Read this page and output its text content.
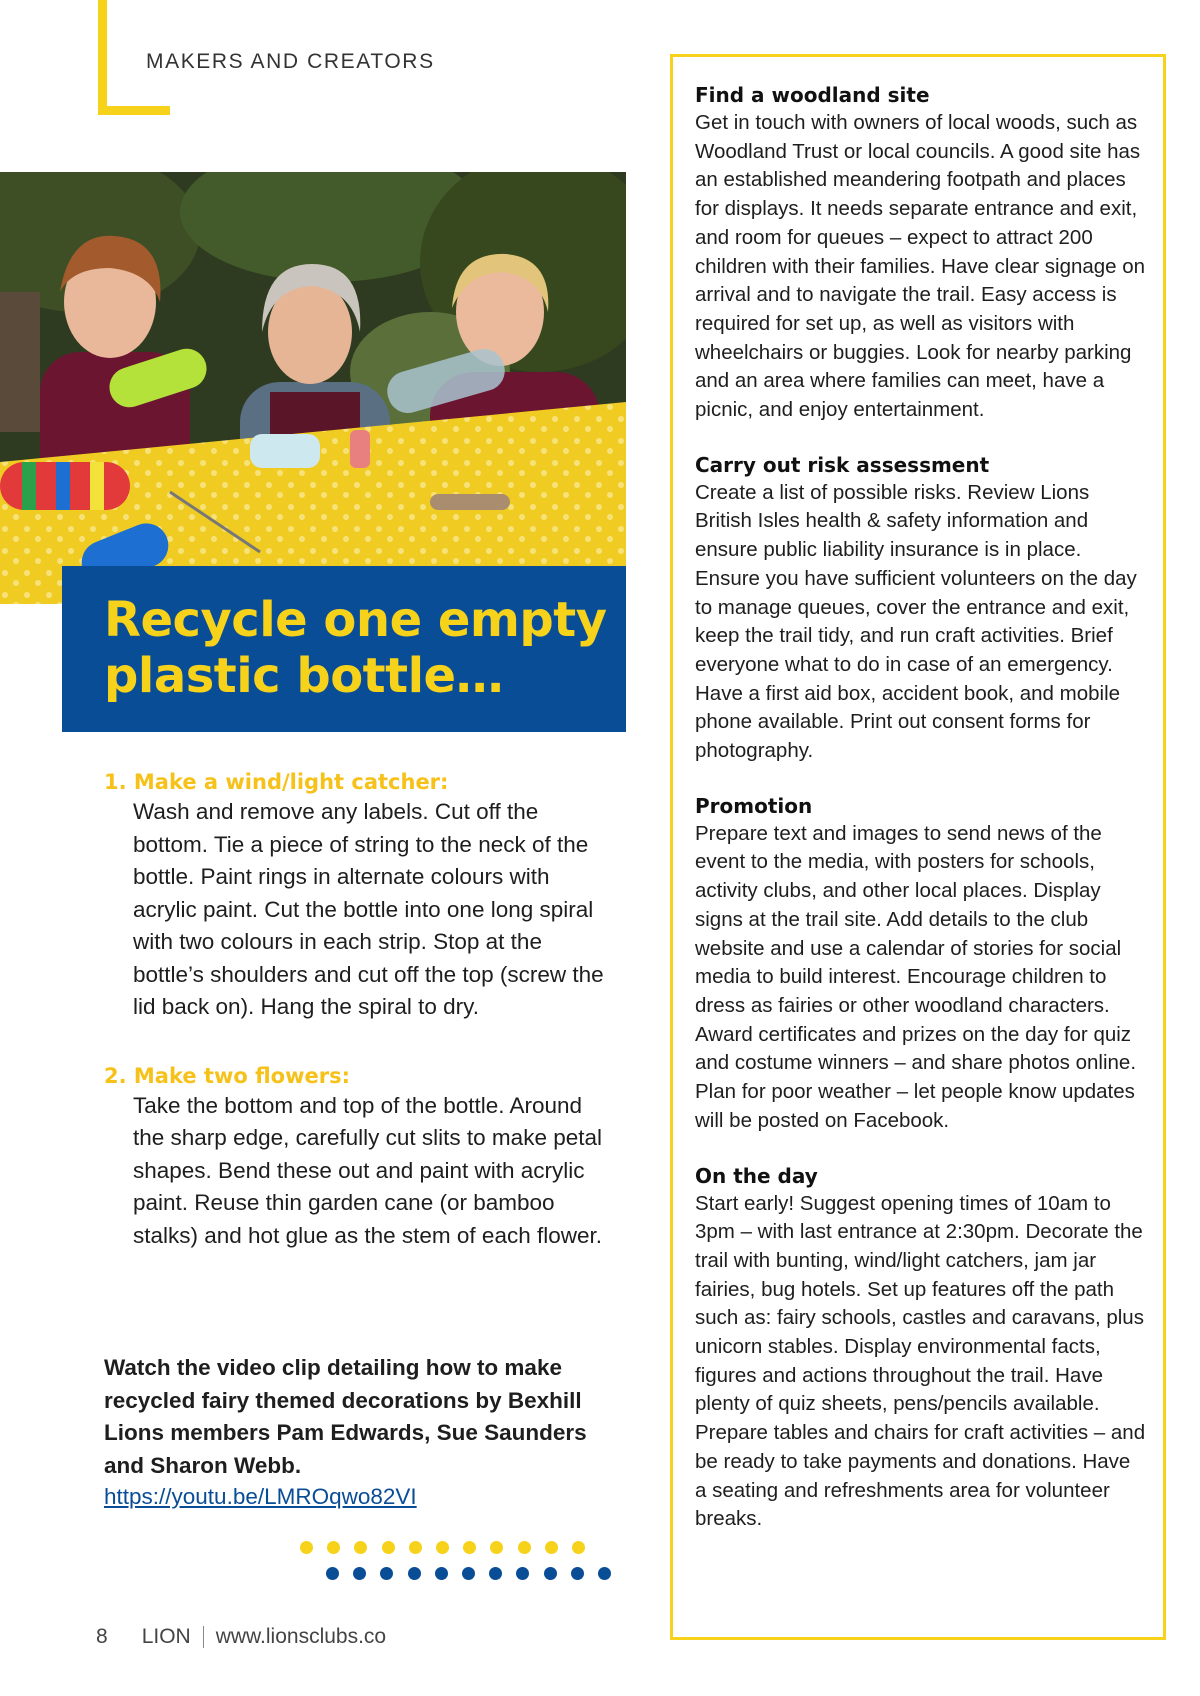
MAKERS AND CREATORS
Recycle one empty
plastic bottle…
1. Make a wind/light catcher:
Wash and remove any labels. Cut off the bottom. Tie a piece of string to the neck of the bottle. Paint rings in alternate colours with acrylic paint. Cut the bottle into one long spiral with two colours in each strip. Stop at the bottle’s shoulders and cut off the top (screw the lid back on). Hang the spiral to dry.
2. Make two flowers:
Take the bottom and top of the bottle. Around the sharp edge, carefully cut slits to make petal shapes. Bend these out and paint with acrylic paint. Reuse thin garden cane (or bamboo stalks) and hot glue as the stem of each flower.
Watch the video clip detailing how to make recycled fairy themed decorations by Bexhill Lions members Pam Edwards, Sue Saunders and Sharon Webb.
https://youtu.be/LMROqwo82VI
8 LION www.lionsclubs.co
Find a woodland site
Get in touch with owners of local woods, such as Woodland Trust or local councils. A good site has an established meandering footpath and places for displays. It needs separate entrance and exit, and room for queues – expect to attract 200 children with their families. Have clear signage on arrival and to navigate the trail. Easy access is required for set up, as well as visitors with wheelchairs or buggies. Look for nearby parking and an area where families can meet, have a picnic, and enjoy entertainment.
Carry out risk assessment
Create a list of possible risks. Review Lions British Isles health & safety information and ensure public liability insurance is in place. Ensure you have sufficient volunteers on the day to manage queues, cover the entrance and exit, keep the trail tidy, and run craft activities. Brief everyone what to do in case of an emergency. Have a first aid box, accident book, and mobile phone available. Print out consent forms for photography.
Promotion
Prepare text and images to send news of the event to the media, with posters for schools, activity clubs, and other local places. Display signs at the trail site. Add details to the club website and use a calendar of stories for social media to build interest. Encourage children to dress as fairies or other woodland characters. Award certificates and prizes on the day for quiz and costume winners – and share photos online. Plan for poor weather – let people know updates will be posted on Facebook.
On the day
Start early! Suggest opening times of 10am to 3pm – with last entrance at 2:30pm. Decorate the trail with bunting, wind/light catchers, jam jar fairies, bug hotels. Set up features off the path such as: fairy schools, castles and caravans, plus unicorn stables. Display environmental facts, figures and actions throughout the trail. Have plenty of quiz sheets, pens/pencils available. Prepare tables and chairs for craft activities – and be ready to take payments and donations. Have a seating and refreshments area for volunteer breaks.
